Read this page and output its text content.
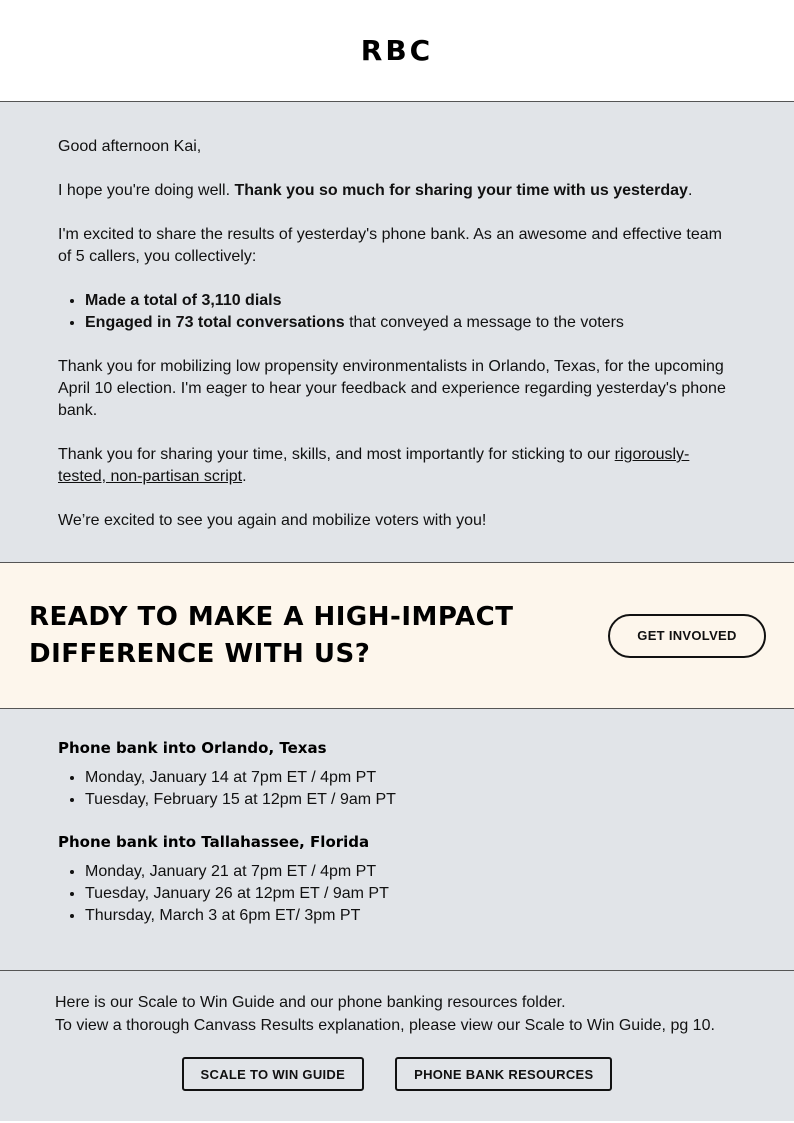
RBC

Good afternoon Kai,

I hope you're doing well. Thank you so much for sharing your time with us yesterday.

I'm excited to share the results of yesterday's phone bank. As an awesome and effective team of 5 callers, you collectively:

• Made a total of 3,110 dials
• Engaged in 73 total conversations that conveyed a message to the voters

Thank you for mobilizing low propensity environmentalists in Orlando, Texas, for the upcoming April 10 election. I'm eager to hear your feedback and experience regarding yesterday's phone bank.

Thank you for sharing your time, skills, and most importantly for sticking to our rigorously-tested, non-partisan script.

We’re excited to see you again and mobilize voters with you!

READY TO MAKE A HIGH-IMPACT DIFFERENCE WITH US?
GET INVOLVED
Phone bank into Orlando, Texas
• Monday, January 14 at 7pm ET / 4pm PT
• Tuesday, February 15 at 12pm ET / 9am PT
Phone bank into Tallahassee, Florida
• Monday, January 21 at 7pm ET / 4pm PT
• Tuesday, January 26 at 12pm ET / 9am PT
• Thursday, March 3 at 6pm ET/ 3pm PT

Here is our Scale to Win Guide and our phone banking resources folder.

To view a thorough Canvass Results explanation, please view our Scale to Win Guide, pg 10.

SCALE TO WIN GUIDE	PHONE BANK RESOURCES
